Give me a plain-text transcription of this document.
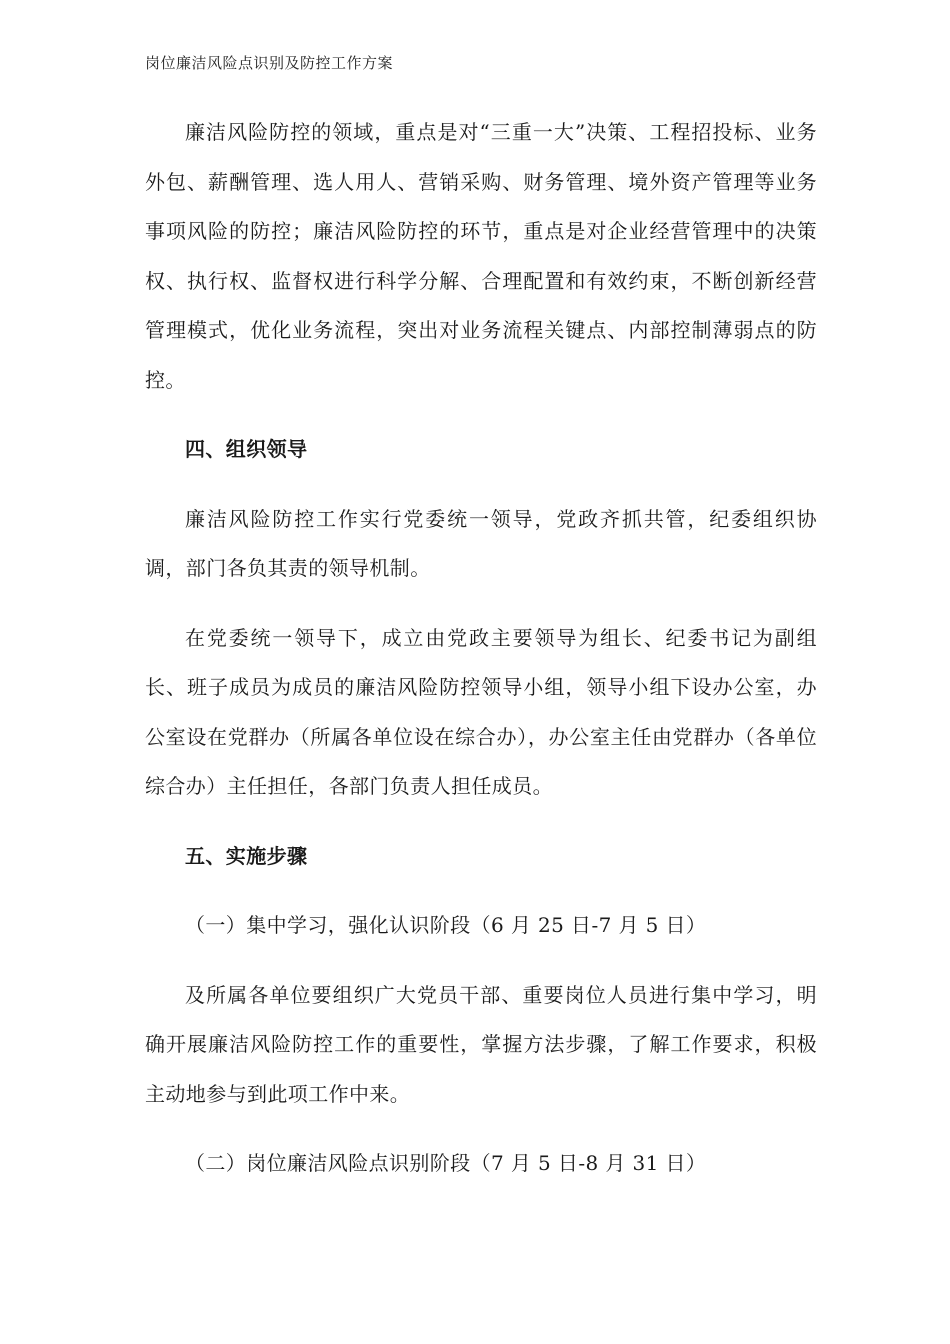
岗位廉洁风险点识别及防控工作方案

廉洁风险防控的领域，重点是对“三重一大”决策、工程招投标、业务外包、薪酬管理、选人用人、营销采购、财务管理、境外资产管理等业务事项风险的防控；廉洁风险防控的环节，重点是对企业经营管理中的决策权、执行权、监督权进行科学分解、合理配置和有效约束，不断创新经营管理模式，优化业务流程，突出对业务流程关键点、内部控制薄弱点的防控。

四、组织领导

廉洁风险防控工作实行党委统一领导，党政齐抓共管，纪委组织协调，部门各负其责的领导机制。

在党委统一领导下，成立由党政主要领导为组长、纪委书记为副组长、班子成员为成员的廉洁风险防控领导小组，领导小组下设办公室，办公室设在党群办（所属各单位设在综合办），办公室主任由党群办（各单位综合办）主任担任，各部门负责人担任成员。

五、实施步骤

（一）集中学习，强化认识阶段（6 月 25 日-7 月 5 日）

及所属各单位要组织广大党员干部、重要岗位人员进行集中学习，明确开展廉洁风险防控工作的重要性，掌握方法步骤，了解工作要求，积极主动地参与到此项工作中来。

（二）岗位廉洁风险点识别阶段（7 月 5 日-8 月 31 日）
